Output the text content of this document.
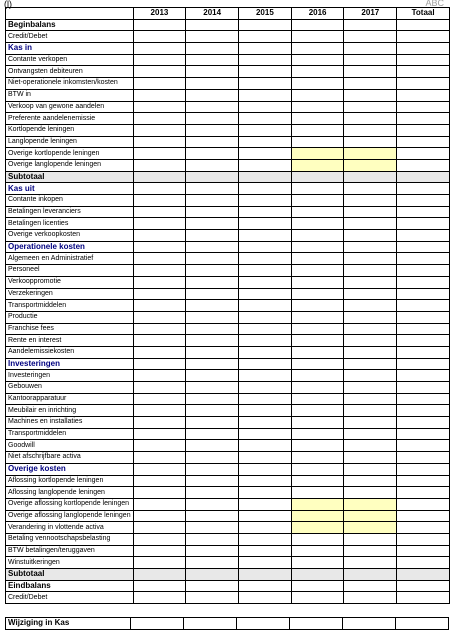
(l)	ABC
	2013	2014	2015	2016	2017	Totaal
Beginbalans						
Credit/Debet						
Kas in						
Contante verkopen						
Ontvangsten debiteuren						
Niet-operationele inkomsten/kosten						
BTW in						
Verkoop van gewone aandelen						
Preferente aandelenemissie						
Kortlopende leningen						
Langlopende leningen						
Overige kortlopende leningen						
Overige langlopende leningen						
Subtotaal						
Kas uit						
Contante inkopen						
Betalingen leveranciers						
Betalingen licenties						
Overige verkoopkosten						
Operationele kosten						
Algemeen en Administratief						
Personeel						
Verkooppromotie						
Verzekeringen						
Transportmiddelen						
Productie						
Franchise fees						
Rente en interest						
Aandelemissiekosten						
Investeringen						
Investeringen						
Gebouwen						
Kantoorapparatuur						
Meubilair en inrichting						
Machines en installaties						
Transportmiddelen						
Goodwill						
Niet afschrijfbare activa						
Overige kosten						
Aflossing kortlopende leningen						
Aflossing langlopende leningen						
Overige aflossing kortlopende leningen						
Overige aflossing langlopende leningen						
Verandering in vlottende activa						
Betaling vennootschapsbelasting						
BTW betalingen/teruggaven						
Winstuitkeringen						
Subtotaal						
Eindbalans						
Credit/Debet						
Wijziging in Kas						
